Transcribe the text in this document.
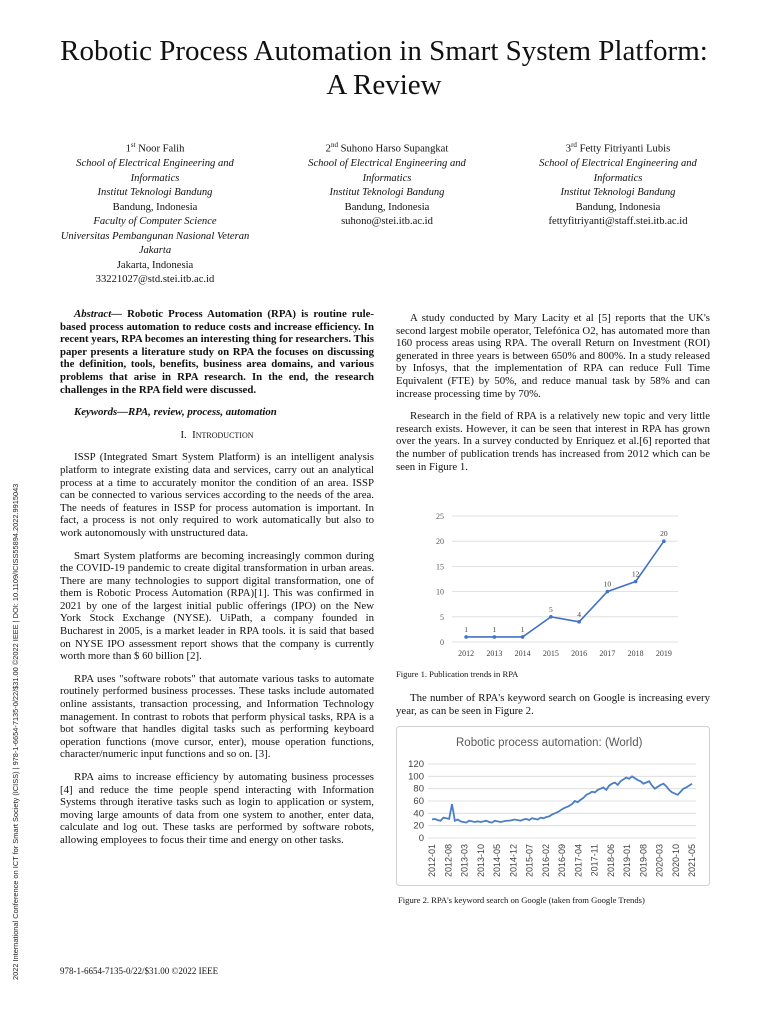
Robotic Process Automation in Smart System Platform: A Review
1st Noor Falih
School of Electrical Engineering and Informatics
Institut Teknologi Bandung
Bandung, Indonesia
Faculty of Computer Science
Universitas Pembangunan Nasional Veteran Jakarta
Jakarta, Indonesia
33221027@std.stei.itb.ac.id
2nd Suhono Harso Supangkat
School of Electrical Engineering and Informatics
Institut Teknologi Bandung
Bandung, Indonesia
suhono@stei.itb.ac.id
3rd Fetty Fitriyanti Lubis
School of Electrical Engineering and Informatics
Institut Teknologi Bandung
Bandung, Indonesia
fettyfitriyanti@staff.stei.itb.ac.id

Abstract— Robotic Process Automation (RPA) is routine rule-based process automation to reduce costs and increase efficiency. In recent years, RPA becomes an interesting thing for researchers. This paper presents a literature study on RPA the focuses on discussing the definition, tools, benefits, business area domains, and various problems that arise in RPA research. In the end, the research challenges in the RPA field were discussed.

Keywords—RPA, review, process, automation

I. Introduction

ISSP (Integrated Smart System Platform) is an intelligent analysis platform to integrate existing data and services, carry out an analytical process at a time to accurately monitor the condition of an area. ISSP can be connected to various services according to the needs of the area. The needs of features in ISSP for process automation is important. In fact, a process is not only required to work automatically but also to work autonomously with unstructured data.

Smart System platforms are becoming increasingly common during the COVID-19 pandemic to create digital transformation in urban areas. There are many technologies to support digital transformation, one of them is Robotic Process Automation (RPA)[1]. This was confirmed in 2021 by one of the largest initial public offerings (IPO) on the New York Stock Exchange (NYSE). UiPath, a company founded in Bucharest in 2005, is a market leader in RPA tools. it is said that based on NYSE IPO assessment report shows that the company is currently worth more than $ 60 billion [2].

RPA uses "software robots" that automate various tasks to automate routinely performed business processes. These tasks include automated online assistants, transaction processing, and Information Technology management. In contrast to robots that perform physical tasks, RPA is a bot software that handles digital tasks such as performing keyboard operation functions (move cursor, enter), mouse operation functions, character/numeric input functions and so on. [3].

RPA aims to increase efficiency by automating business processes [4] and reduce the time people spend interacting with Information Systems through iterative tasks such as login to application or system, moving large amounts of data from one system to another, enter data, calculate and log out. These tasks are performed by software robots, allowing employees to focus their time and energy on other tasks.

A study conducted by Mary Lacity et al [5] reports that the UK's second largest mobile operator, Telefónica O2, has automated more than 160 process areas using RPA. The overall Return on Investment (ROI) generated in three years is between 650% and 800%. In a study released by Infosys, that the implementation of RPA can reduce Full Time Equivalent (FTE) by 50%, and reduce manual task by 58% and can increase processing time by 70%.

Research in the field of RPA is a relatively new topic and very little research exists. However, it can be seen that interest in RPA has grown over the years. In a survey conducted by Enriquez et al.[6] reported that the number of publication trends has increased from 2012 which can be seen in Figure 1.

0
5
10
15
20
25
2012 2013 2014 2015 2016 2017 2018 2019
1	1	1
5
4
10
12
20
Figure 1. Publication trends in RPA

The number of RPA's keyword search on Google is increasing every year, as can be seen in Figure 2.

Robotic process automation: (World)
0
20
40
60
80
100
120
2012-01 2012-08 2013-03 2013-10 2014-05 2014-12 2015-07 2016-02 2016-09 2017-04 2017-11 2018-06 2019-01 2019-08 2020-03 2020-10 2021-05
Figure 2. RPA's keyword search on Google (taken from Google Trends)
978-1-6654-7135-0/22/$31.00 ©2022 IEEE
2022 International Conference on ICT for Smart Society (ICISS) | 978-1-6654-7135-0/22/$31.00 ©2022 IEEE | DOI: 10.1109/ICISS55894.2022.9915043
